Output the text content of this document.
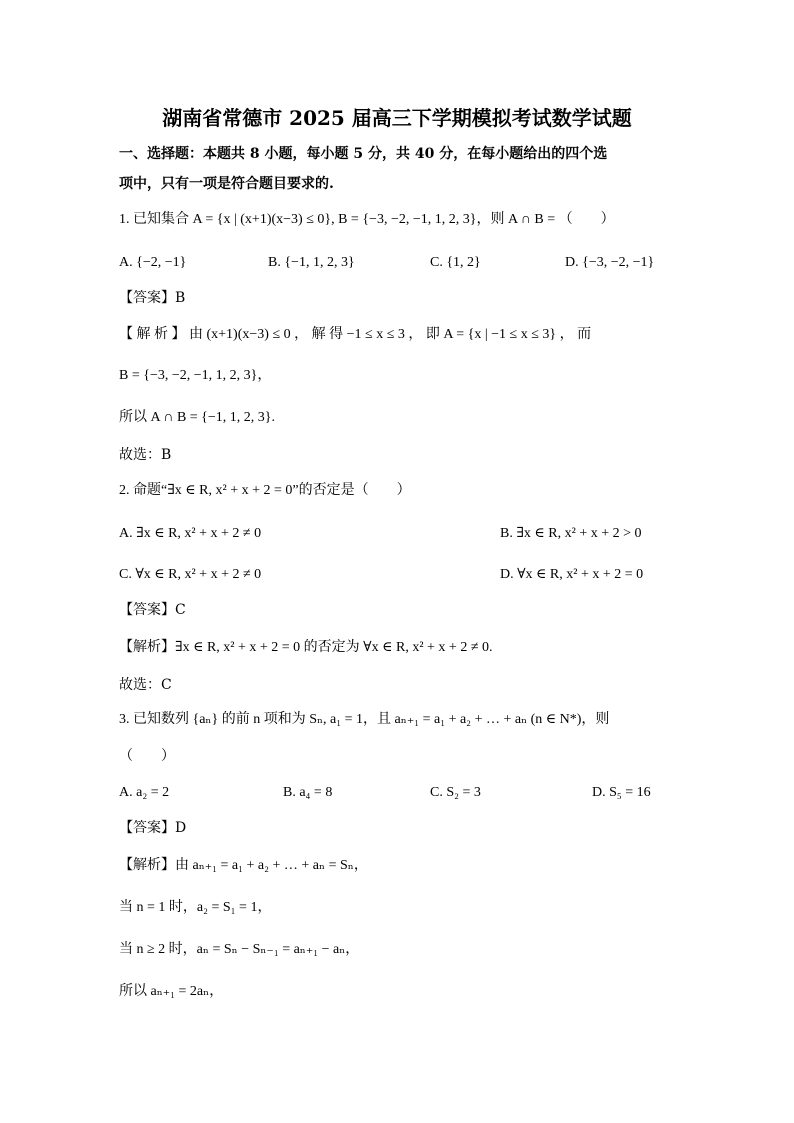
湖南省常德市 2025 届高三下学期模拟考试数学试题
一、选择题：本题共 8 小题，每小题 5 分，共 40 分，在每小题给出的四个选
项中，只有一项是符合题目要求的.
1. 已知集合 A = {x | (x+1)(x−3) ≤ 0}, B = {−3, −2, −1, 1, 2, 3}，则 A ∩ B = （　　）
A. {−2, −1}	B. {−1, 1, 2, 3}	C. {1, 2}	D. {−3, −2, −1}
【答案】B
【 解 析 】 由 (x+1)(x−3) ≤ 0 ， 解 得 −1 ≤ x ≤ 3 ， 即 A = {x | −1 ≤ x ≤ 3} ， 而
B = {−3, −2, −1, 1, 2, 3}，
所以 A ∩ B = {−1, 1, 2, 3}.
故选：B
2. 命题“∃x ∈ R, x² + x + 2 = 0”的否定是（　　）
A. ∃x ∈ R, x² + x + 2 ≠ 0	B. ∃x ∈ R, x² + x + 2 > 0
C. ∀x ∈ R, x² + x + 2 ≠ 0	D. ∀x ∈ R, x² + x + 2 = 0
【答案】C
【解析】∃x ∈ R, x² + x + 2 = 0 的否定为 ∀x ∈ R, x² + x + 2 ≠ 0.
故选：C
3. 已知数列 {aₙ} 的前 n 项和为 Sₙ, a₁ = 1，且 aₙ₊₁ = a₁ + a₂ + … + aₙ (n ∈ N*)，则
（　　）
A. a₂ = 2	B. a₄ = 8	C. S₂ = 3	D. S₅ = 16
【答案】D
【解析】由 aₙ₊₁ = a₁ + a₂ + … + aₙ = Sₙ，
当 n = 1 时，a₂ = S₁ = 1，
当 n ≥ 2 时，aₙ = Sₙ − Sₙ₋₁ = aₙ₊₁ − aₙ，
所以 aₙ₊₁ = 2aₙ，
